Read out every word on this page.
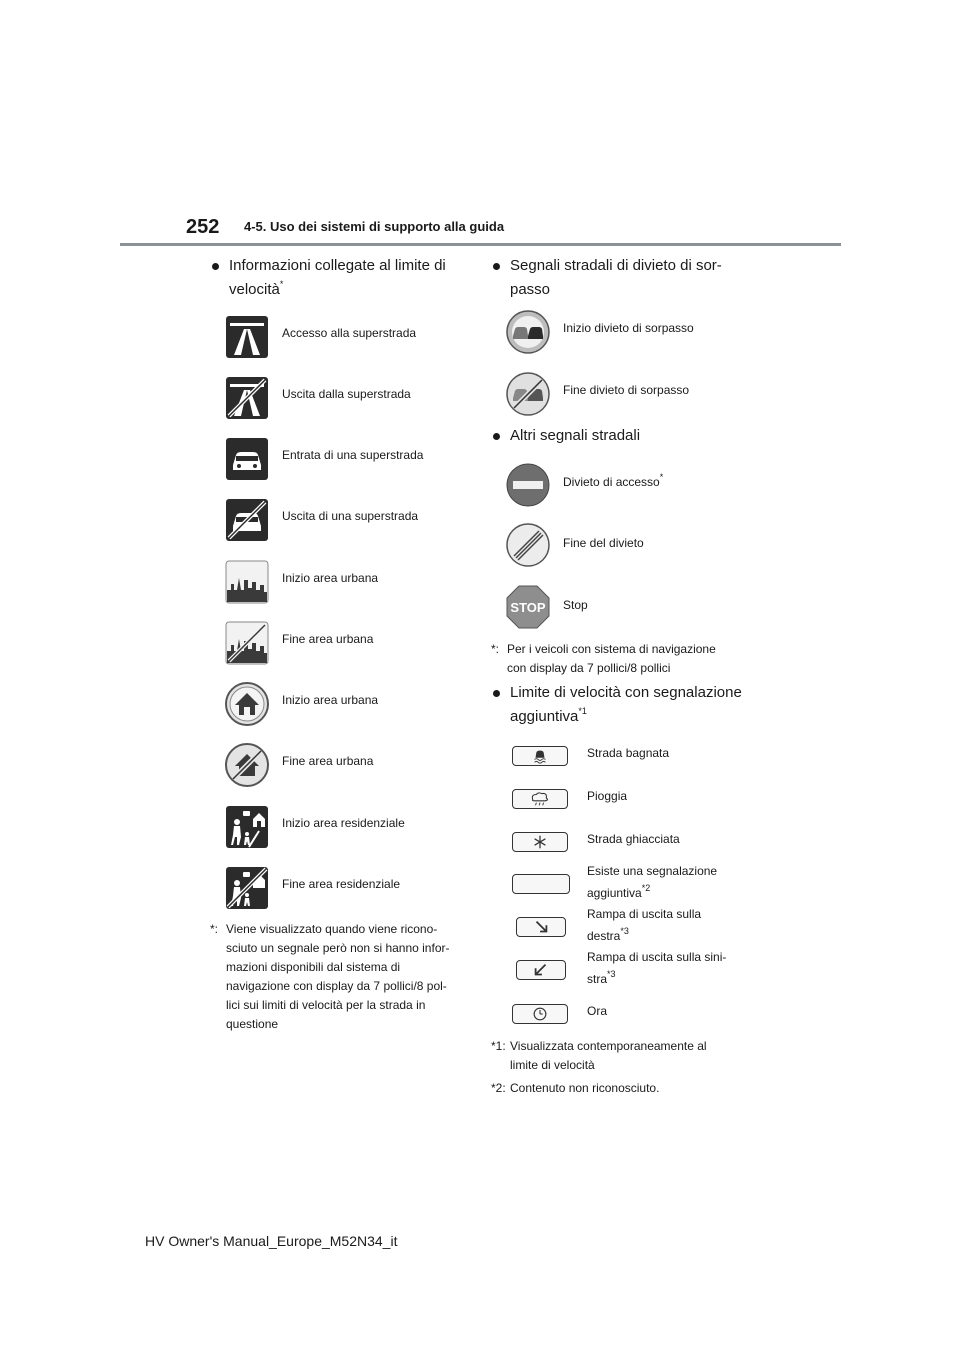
252 4-5. Uso dei sistemi di supporto alla guida
Informazioni collegate al limite di velocità*
Accesso alla superstrada
Uscita dalla superstrada
Entrata di una superstrada
Uscita di una superstrada
Inizio area urbana
Fine area urbana
Inizio area urbana
Fine area urbana
Inizio area residenziale
Fine area residenziale
*: Viene visualizzato quando viene ricono-
sciuto un segnale però non si hanno infor-
mazioni disponibili dal sistema di
navigazione con display da 7 pollici/8 pol-
lici sui limiti di velocità per la strada in
questione
Segnali stradali di divieto di sor-
passo
Inizio divieto di sorpasso
Fine divieto di sorpasso
Altri segnali stradali
Divieto di accesso*
Fine del divieto
STOP Stop
*: Per i veicoli con sistema di navigazione
con display da 7 pollici/8 pollici
Limite di velocità con segnalazione
aggiuntiva$^{*1}$
Strada bagnata
Pioggia
Strada ghiacciata
Esiste una segnalazione
aggiuntiva$^{*2}$
Rampa di uscita sulla
destra$^{*3}$
Rampa di uscita sulla sini-
stra$^{*3}$
Ora
*1: Visualizzata contemporaneamente al
limite di velocità
*2: Contenuto non riconosciuto.
HV Owner's Manual_Europe_M52N34_it
